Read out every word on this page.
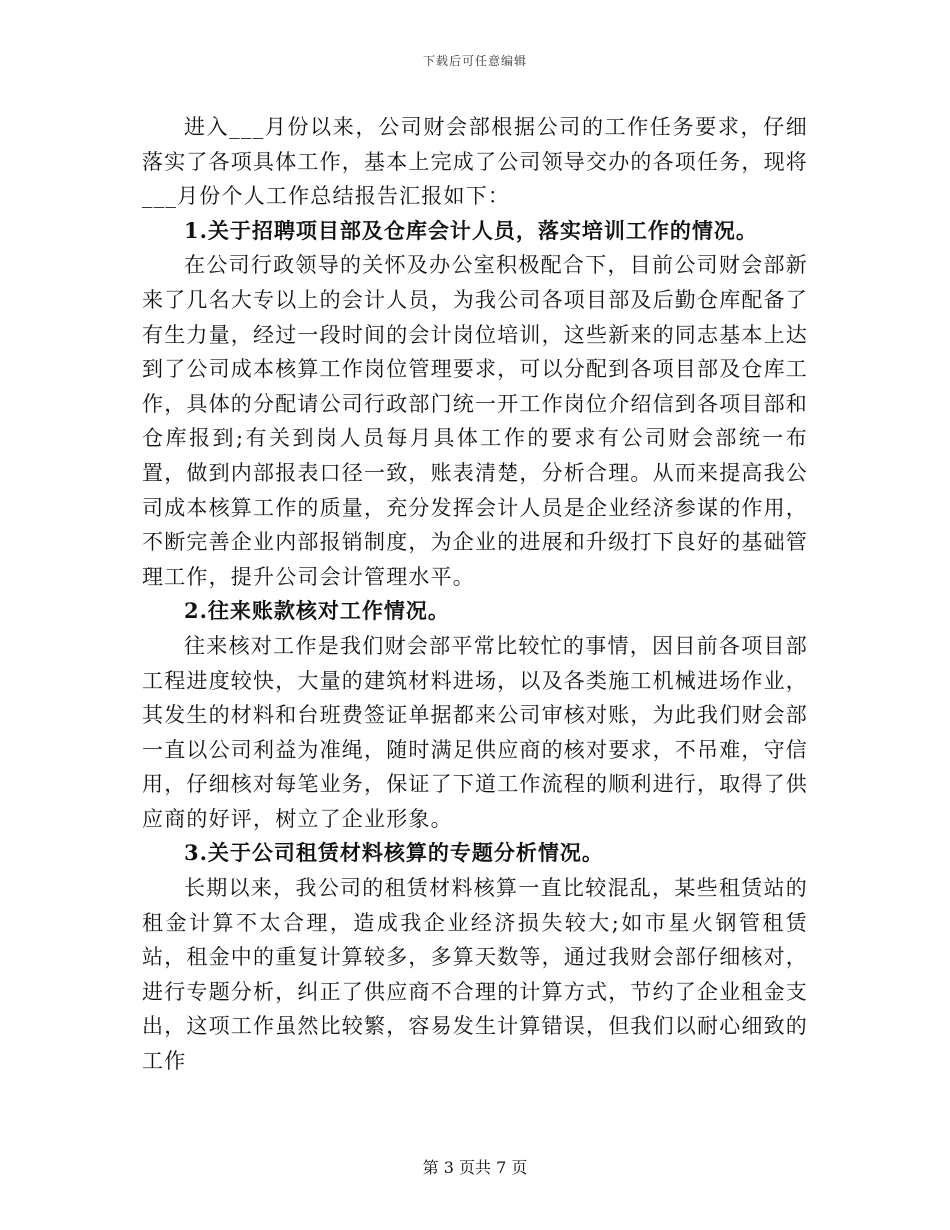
下载后可任意编辑

进入___月份以来，公司财会部根据公司的工作任务要求，仔细落实了各项具体工作，基本上完成了公司领导交办的各项任务，现将___月份个人工作总结报告汇报如下：

1.关于招聘项目部及仓库会计人员，落实培训工作的情况。

在公司行政领导的关怀及办公室积极配合下，目前公司财会部新来了几名大专以上的会计人员，为我公司各项目部及后勤仓库配备了有生力量，经过一段时间的会计岗位培训，这些新来的同志基本上达到了公司成本核算工作岗位管理要求，可以分配到各项目部及仓库工作，具体的分配请公司行政部门统一开工作岗位介绍信到各项目部和仓库报到;有关到岗人员每月具体工作的要求有公司财会部统一布置，做到内部报表口径一致，账表清楚，分析合理。从而来提高我公司成本核算工作的质量，充分发挥会计人员是企业经济参谋的作用，不断完善企业内部报销制度，为企业的进展和升级打下良好的基础管理工作，提升公司会计管理水平。

2.往来账款核对工作情况。

往来核对工作是我们财会部平常比较忙的事情，因目前各项目部工程进度较快，大量的建筑材料进场，以及各类施工机械进场作业，其发生的材料和台班费签证单据都来公司审核对账，为此我们财会部一直以公司利益为准绳，随时满足供应商的核对要求，不吊难，守信用，仔细核对每笔业务，保证了下道工作流程的顺利进行，取得了供应商的好评，树立了企业形象。

3.关于公司租赁材料核算的专题分析情况。

长期以来，我公司的租赁材料核算一直比较混乱，某些租赁站的租金计算不太合理，造成我企业经济损失较大;如市星火钢管租赁站，租金中的重复计算较多，多算天数等，通过我财会部仔细核对，进行专题分析，纠正了供应商不合理的计算方式，节约了企业租金支出，这项工作虽然比较繁，容易发生计算错误，但我们以耐心细致的工作

第 3 页共 7 页
